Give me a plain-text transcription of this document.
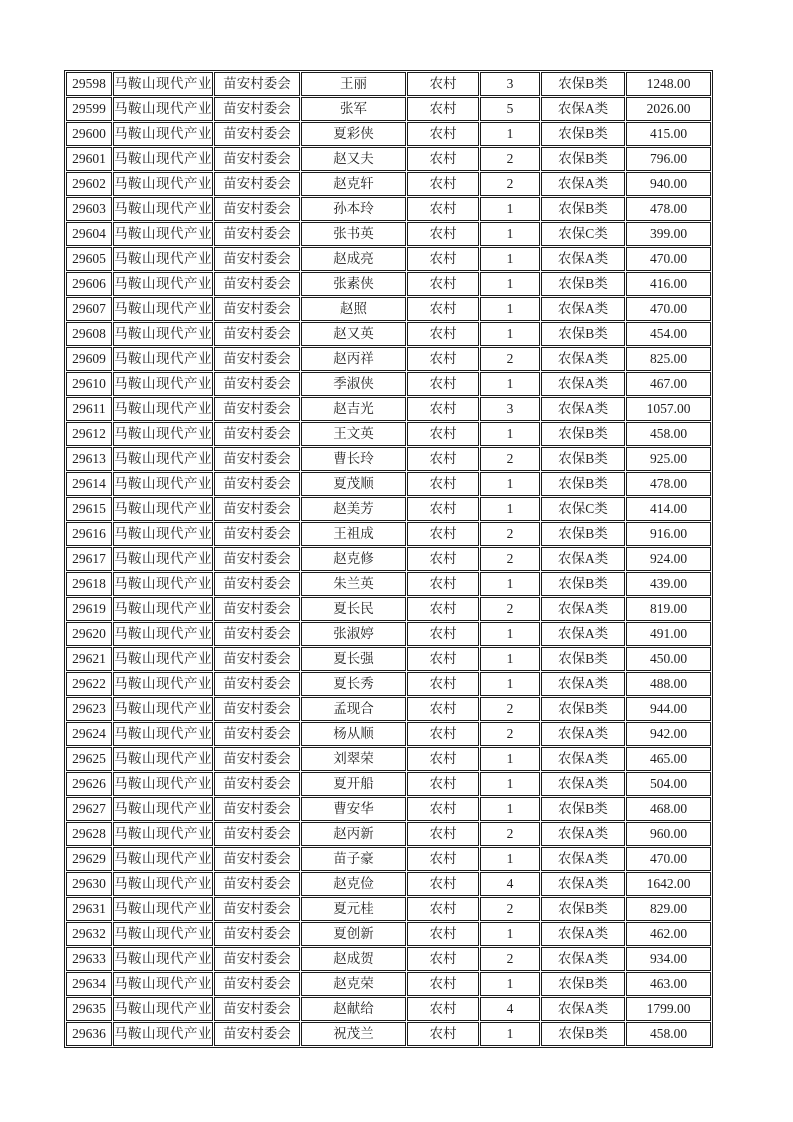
29598	马鞍山现代产业	苗安村委会	王丽	农村	3	农保B类	1248.00
29599	马鞍山现代产业	苗安村委会	张军	农村	5	农保A类	2026.00
29600	马鞍山现代产业	苗安村委会	夏彩侠	农村	1	农保B类	415.00
29601	马鞍山现代产业	苗安村委会	赵又夫	农村	2	农保B类	796.00
29602	马鞍山现代产业	苗安村委会	赵克轩	农村	2	农保A类	940.00
29603	马鞍山现代产业	苗安村委会	孙本玲	农村	1	农保B类	478.00
29604	马鞍山现代产业	苗安村委会	张书英	农村	1	农保C类	399.00
29605	马鞍山现代产业	苗安村委会	赵成亮	农村	1	农保A类	470.00
29606	马鞍山现代产业	苗安村委会	张素侠	农村	1	农保B类	416.00
29607	马鞍山现代产业	苗安村委会	赵照	农村	1	农保A类	470.00
29608	马鞍山现代产业	苗安村委会	赵又英	农村	1	农保B类	454.00
29609	马鞍山现代产业	苗安村委会	赵丙祥	农村	2	农保A类	825.00
29610	马鞍山现代产业	苗安村委会	季淑侠	农村	1	农保A类	467.00
29611	马鞍山现代产业	苗安村委会	赵吉光	农村	3	农保A类	1057.00
29612	马鞍山现代产业	苗安村委会	王文英	农村	1	农保B类	458.00
29613	马鞍山现代产业	苗安村委会	曹长玲	农村	2	农保B类	925.00
29614	马鞍山现代产业	苗安村委会	夏茂顺	农村	1	农保B类	478.00
29615	马鞍山现代产业	苗安村委会	赵美芳	农村	1	农保C类	414.00
29616	马鞍山现代产业	苗安村委会	王祖成	农村	2	农保B类	916.00
29617	马鞍山现代产业	苗安村委会	赵克修	农村	2	农保A类	924.00
29618	马鞍山现代产业	苗安村委会	朱兰英	农村	1	农保B类	439.00
29619	马鞍山现代产业	苗安村委会	夏长民	农村	2	农保A类	819.00
29620	马鞍山现代产业	苗安村委会	张淑婷	农村	1	农保A类	491.00
29621	马鞍山现代产业	苗安村委会	夏长强	农村	1	农保B类	450.00
29622	马鞍山现代产业	苗安村委会	夏长秀	农村	1	农保A类	488.00
29623	马鞍山现代产业	苗安村委会	孟现合	农村	2	农保B类	944.00
29624	马鞍山现代产业	苗安村委会	杨从顺	农村	2	农保A类	942.00
29625	马鞍山现代产业	苗安村委会	刘翠荣	农村	1	农保A类	465.00
29626	马鞍山现代产业	苗安村委会	夏开船	农村	1	农保A类	504.00
29627	马鞍山现代产业	苗安村委会	曹安华	农村	1	农保B类	468.00
29628	马鞍山现代产业	苗安村委会	赵丙新	农村	2	农保A类	960.00
29629	马鞍山现代产业	苗安村委会	苗子豪	农村	1	农保A类	470.00
29630	马鞍山现代产业	苗安村委会	赵克俭	农村	4	农保A类	1642.00
29631	马鞍山现代产业	苗安村委会	夏元桂	农村	2	农保B类	829.00
29632	马鞍山现代产业	苗安村委会	夏创新	农村	1	农保A类	462.00
29633	马鞍山现代产业	苗安村委会	赵成贺	农村	2	农保A类	934.00
29634	马鞍山现代产业	苗安村委会	赵克荣	农村	1	农保B类	463.00
29635	马鞍山现代产业	苗安村委会	赵献给	农村	4	农保A类	1799.00
29636	马鞍山现代产业	苗安村委会	祝茂兰	农村	1	农保B类	458.00
